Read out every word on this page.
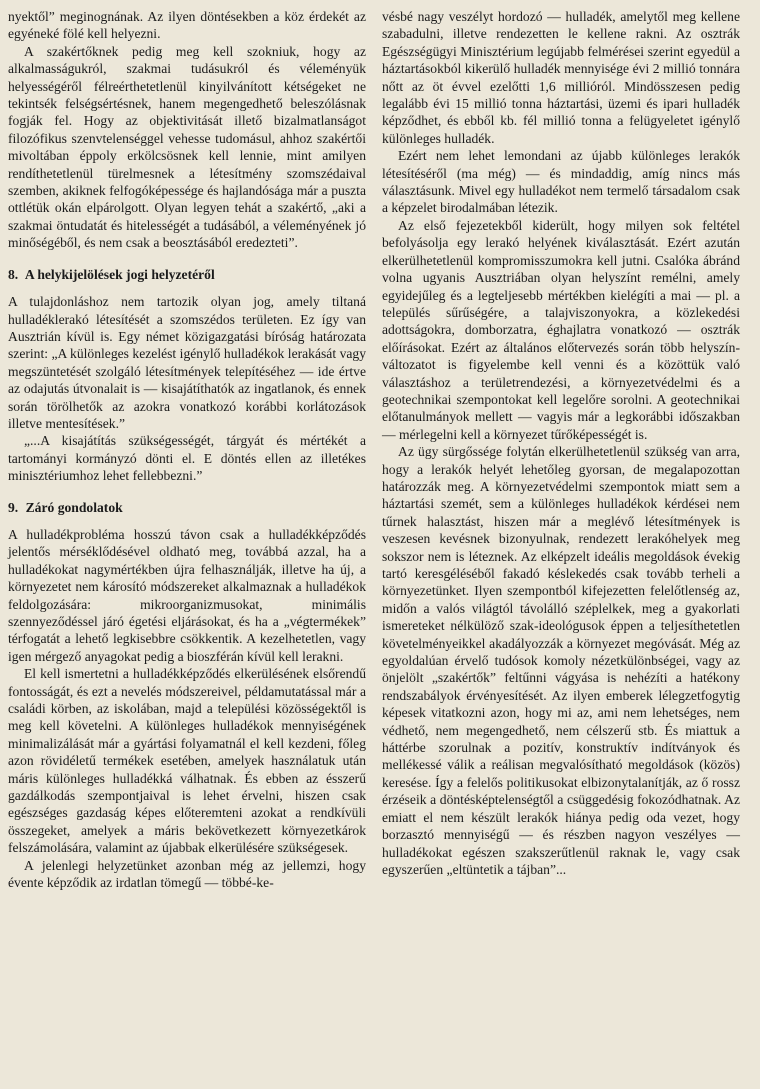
nyektől” meginognának. Az ilyen döntésekben a köz érdekét az egyéneké fölé kell helyezni.

A szakértőknek pedig meg kell szokniuk, hogy az alkalmasságukról, szakmai tudásukról és véleményük helyességéről félreérthetetlenül kinyilvánított kétségeket ne tekintsék felségsértésnek, hanem megengedhető beleszólásnak fogják fel. Hogy az objektivitását illető bizalmatlanságot filozófikus szenvtelenséggel vehesse tudomásul, ahhoz szakértői mivoltában éppoly erkölcsösnek kell lennie, mint amilyen rendíthetetlenül türelmesnek a létesítmény szomszédaival szemben, akiknek felfogóképessége és hajlandósága már a puszta ottlétük okán elpárolgott. Olyan legyen tehát a szakértő, „aki a szakmai öntudatát és hitelességét a tudásából, a véleményének jó minőségéből, és nem csak a beosztásából eredezteti”.

8. A helykijelölések jogi helyzetéről

A tulajdonláshoz nem tartozik olyan jog, amely tiltaná hulladéklerakó létesítését a szomszédos területen. Ez így van Ausztrián kívül is. Egy német közigazgatási bíróság határozata szerint: „A különleges kezelést igénylő hulladékok lerakását vagy megszüntetését szolgáló létesítmények telepítéséhez — ide értve az odajutás útvonalait is — kisajátíthatók az ingatlanok, és ennek során törölhetők az azokra vonatkozó korábbi korlátozások illetve mentesítések.”

„...A kisajátítás szükségességét, tárgyát és mértékét a tartományi kormányzó dönti el. E döntés ellen az illetékes minisztériumhoz lehet fellebbezni.”

9. Záró gondolatok

A hulladékprobléma hosszú távon csak a hulladékképződés jelentős mérséklődésével oldható meg, továbbá azzal, ha a hulladékokat nagymértékben újra felhasználják, illetve ha új, a környezetet nem károsító módszereket alkalmaznak a hulladékok feldolgozására: mikroorganizmusokat, minimális szennyeződéssel járó égetési eljárásokat, és ha a „végtermékek” térfogatát a lehető legkisebbre csökkentik. A kezelhetetlen, vagy igen mérgező anyagokat pedig a bioszférán kívül kell lerakni.

El kell ismertetni a hulladékképződés elkerülésének elsőrendű fontosságát, és ezt a nevelés módszereivel, példamutatással már a családi körben, az iskolában, majd a települési közösségektől is meg kell követelni. A különleges hulladékok mennyiségének minimalizálását már a gyártási folyamatnál el kell kezdeni, főleg azon rövidéletű termékek esetében, amelyek használatuk után máris különleges hulladékká válhatnak. És ebben az ésszerű gazdálkodás szempontjaival is lehet érvelni, hiszen csak egészséges gazdaság képes előteremteni azokat a rendkívüli összegeket, amelyek a máris bekövetkezett környezetkárok felszámolására, valamint az újabbak elkerülésére szükségesek.

A jelenlegi helyzetünket azonban még az jellemzi, hogy évente képződik az irdatlan tömegű — többé-ke-

vésbé nagy veszélyt hordozó — hulladék, amelytől meg kellene szabadulni, illetve rendezetten le kellene rakni. Az osztrák Egészségügyi Minisztérium legújabb felmérései szerint egyedül a háztartásokból kikerülő hulladék mennyisége évi 2 millió tonnára nőtt az öt évvel ezelőtti 1,6 millióról. Mindösszesen pedig legalább évi 15 millió tonna háztartási, üzemi és ipari hulladék képződhet, és ebből kb. fél millió tonna a felügyeletet igénylő különleges hulladék.

Ezért nem lehet lemondani az újabb különleges lerakók létesítéséről (ma még) — és mindaddig, amíg nincs más választásunk. Mivel egy hulladékot nem termelő társadalom csak a képzelet birodalmában létezik.

Az első fejezetekből kiderült, hogy milyen sok feltétel befolyásolja egy lerakó helyének kiválasztását. Ezért azután elkerülhetetlenül kompromisszumokra kell jutni. Csalóka ábránd volna ugyanis Ausztriában olyan helyszínt remélni, amely egyidejűleg és a legteljesebb mértékben kielégíti a mai — pl. a település sűrűségére, a talajviszonyokra, a közlekedési adottságokra, domborzatra, éghajlatra vonatkozó — osztrák előírásokat. Ezért az általános előtervezés során több helyszín-változatot is figyelembe kell venni és a közöttük való választáshoz a területrendezési, a környezetvédelmi és a geotechnikai szempontokat kell legelőre sorolni. A geotechnikai előtanulmányok mellett — vagyis már a legkorábbi időszakban — mérlegelni kell a környezet tűrőképességét is.

Az ügy sürgőssége folytán elkerülhetetlenül szükség van arra, hogy a lerakók helyét lehetőleg gyorsan, de megalapozottan határozzák meg. A környezetvédelmi szempontok miatt sem a háztartási szemét, sem a különleges hulladékok kérdései nem tűrnek halasztást, hiszen már a meglévő létesítmények is veszesen kevésnek bizonyulnak, rendezett lerakóhelyek meg sokszor nem is léteznek. Az elképzelt ideális megoldások évekig tartó keresgéléséből fakadó késlekedés csak tovább terheli a környezetünket. Ilyen szempontból kifejezetten felelőtlenség az, midőn a valós világtól távolálló széplelkek, meg a gyakorlati ismereteket nélkülöző szak-ideológusok éppen a teljesíthetetlen követelményeikkel akadályozzák a környezet megóvását. Még az egyoldalúan érvelő tudósok komoly nézetkülönbségei, vagy az önjelölt „szakértők” feltűnni vágyása is nehézíti a hatékony rendszabályok érvényesítését. Az ilyen emberek lélegzetfogytig képesek vitatkozni azon, hogy mi az, ami nem lehetséges, nem védhető, nem megengedhető, nem célszerű stb. És miattuk a háttérbe szorulnak a pozitív, konstruktív indítványok és mellékessé válik a reálisan megvalósítható megoldások (közös) keresése. Így a felelős politikusokat elbizonytalanítják, az ő rossz érzéseik a döntésképtelenségtől a csüggedésig fokozódhatnak. Az emiatt el nem készült lerakók hiánya pedig oda vezet, hogy borzasztó mennyiségű — és részben nagyon veszélyes — hulladékokat egészen szakszerűtlenül raknak le, vagy csak egyszerűen „eltüntetik a tájban”...
